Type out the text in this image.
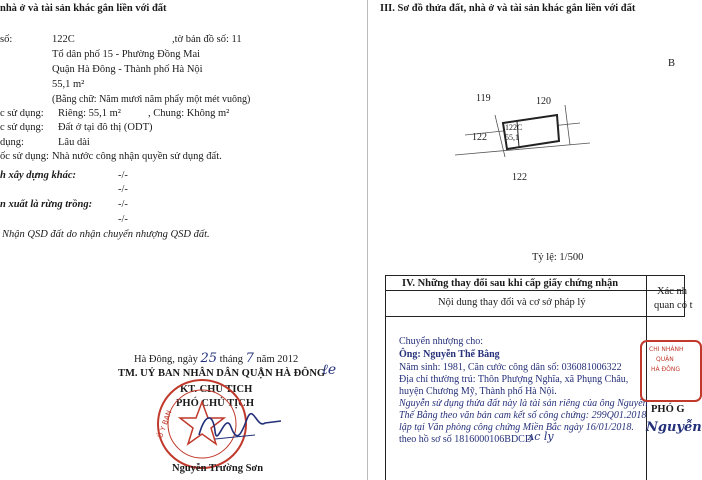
nhà ở và tài sản khác gắn liền với đất
số:	122C	,tờ bản đồ số: 11
Tổ dân phố 15 - Phường Đồng Mai
Quận Hà Đông - Thành phố Hà Nội
55,1 m²
(Bằng chữ: Năm mươi năm phẩy một mét vuông)
c sử dụng: Riêng: 55,1 m²	, Chung: Không m²
c sử dụng: Đất ở tại đô thị (ODT)
dụng:	Lâu dài
ốc sử dụng: Nhà nước công nhận quyền sử dụng đất.
h xây dựng khác:	-/-
-/-
n xuất là rừng trồng: -/-
-/-
Nhận QSD đất do nhận chuyển nhượng QSD đất.
Hà Đông, ngày 25 tháng 7 năm 2012
TM. UỶ BAN NHÂN DÂN QUẬN HÀ ĐÔNG
ℓe
KT. CHỦ TỊCH
PHÓ CHỦ TỊCH
Ủ Y BAN
Nguyễn Trường Sơn
III. Sơ đồ thửa đất, nhà ở và tài sản khác gắn liền với đất
B
119	120
122
122
122C
55,1
Tỷ lệ: 1/500
IV. Những thay đổi sau khi cấp giấy chứng nhận
Nội dung thay đổi và cơ sở pháp lý
Xác nh
quan có t
Chuyển nhượng cho:
Ông: Nguyễn Thế Bằng
Năm sinh: 1981, Căn cước công dân số: 036081006322
Địa chỉ thường trú: Thôn Phượng Nghĩa, xã Phụng Châu,
huyện Chương Mỹ, Thành phố Hà Nội.
Nguyễn sử dụng thửa đất này là tài sản riêng của ông Nguyễn
Thế Bằng theo văn bản cam kết số công chứng: 299Q01.2018
lập tại Văn phòng công chứng Miền Bắc ngày 16/01/2018.
theo hồ sơ số 1816000106BDCD
ᴧc ly
CHI NHÁNH
QUẬN
HÀ ĐÔNG
PHÓ G
Nguyễn
